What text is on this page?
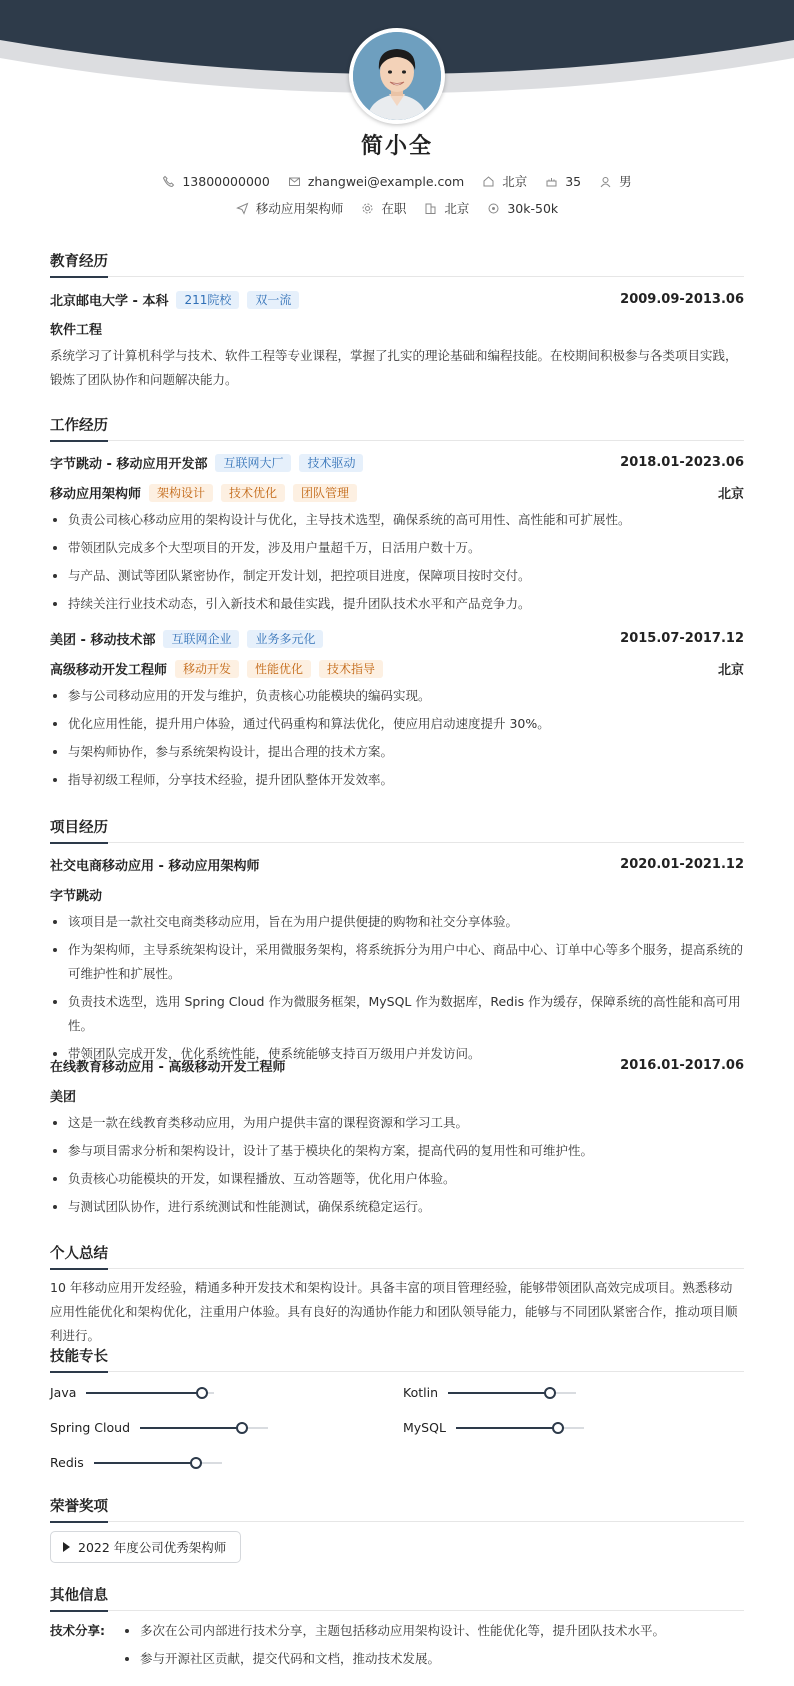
简小全
13800000000	zhangwei@example.com	北京	35	男
移动应用架构师	在职	北京	30k-50k
教育经历
北京邮电大学 - 本科	211院校	双一流	2009.09-2013.06
软件工程
系统学习了计算机科学与技术、软件工程等专业课程，掌握了扎实的理论基础和编程技能。在校期间积极参与各类项目实践，锻炼了团队协作和问题解决能力。
工作经历
字节跳动 - 移动应用开发部	互联网大厂	技术驱动	2018.01-2023.06
移动应用架构师	架构设计	技术优化	团队管理	北京
负责公司核心移动应用的架构设计与优化，主导技术选型，确保系统的高可用性、高性能和可扩展性。
带领团队完成多个大型项目的开发，涉及用户量超千万，日活用户数十万。
与产品、测试等团队紧密协作，制定开发计划，把控项目进度，保障项目按时交付。
持续关注行业技术动态，引入新技术和最佳实践，提升团队技术水平和产品竞争力。
美团 - 移动技术部	互联网企业	业务多元化	2015.07-2017.12
高级移动开发工程师	移动开发	性能优化	技术指导	北京
参与公司移动应用的开发与维护，负责核心功能模块的编码实现。
优化应用性能，提升用户体验，通过代码重构和算法优化，使应用启动速度提升 30%。
与架构师协作，参与系统架构设计，提出合理的技术方案。
指导初级工程师，分享技术经验，提升团队整体开发效率。
项目经历
社交电商移动应用 - 移动应用架构师	2020.01-2021.12
字节跳动
该项目是一款社交电商类移动应用，旨在为用户提供便捷的购物和社交分享体验。
作为架构师，主导系统架构设计，采用微服务架构，将系统拆分为用户中心、商品中心、订单中心等多个服务，提高系统的可维护性和扩展性。
负责技术选型，选用 Spring Cloud 作为微服务框架，MySQL 作为数据库，Redis 作为缓存，保障系统的高性能和高可用性。
带领团队完成开发，优化系统性能，使系统能够支持百万级用户并发访问。
在线教育移动应用 - 高级移动开发工程师	2016.01-2017.06
美团
这是一款在线教育类移动应用，为用户提供丰富的课程资源和学习工具。
参与项目需求分析和架构设计，设计了基于模块化的架构方案，提高代码的复用性和可维护性。
负责核心功能模块的开发，如课程播放、互动答题等，优化用户体验。
与测试团队协作，进行系统测试和性能测试，确保系统稳定运行。
个人总结
10 年移动应用开发经验，精通多种开发技术和架构设计。具备丰富的项目管理经验，能够带领团队高效完成项目。熟悉移动应用性能优化和架构优化，注重用户体验。具有良好的沟通协作能力和团队领导能力，能够与不同团队紧密合作，推动项目顺利进行。
技能专长
Java	Kotlin
Spring Cloud	MySQL
Redis
荣誉奖项
其他信息
2022 年度公司优秀架构师
技术分享:	多次在公司内部进行技术分享，主题包括移动应用架构设计、性能优化等，提升团队技术水平。
参与开源社区贡献，提交代码和文档，推动技术发展。
